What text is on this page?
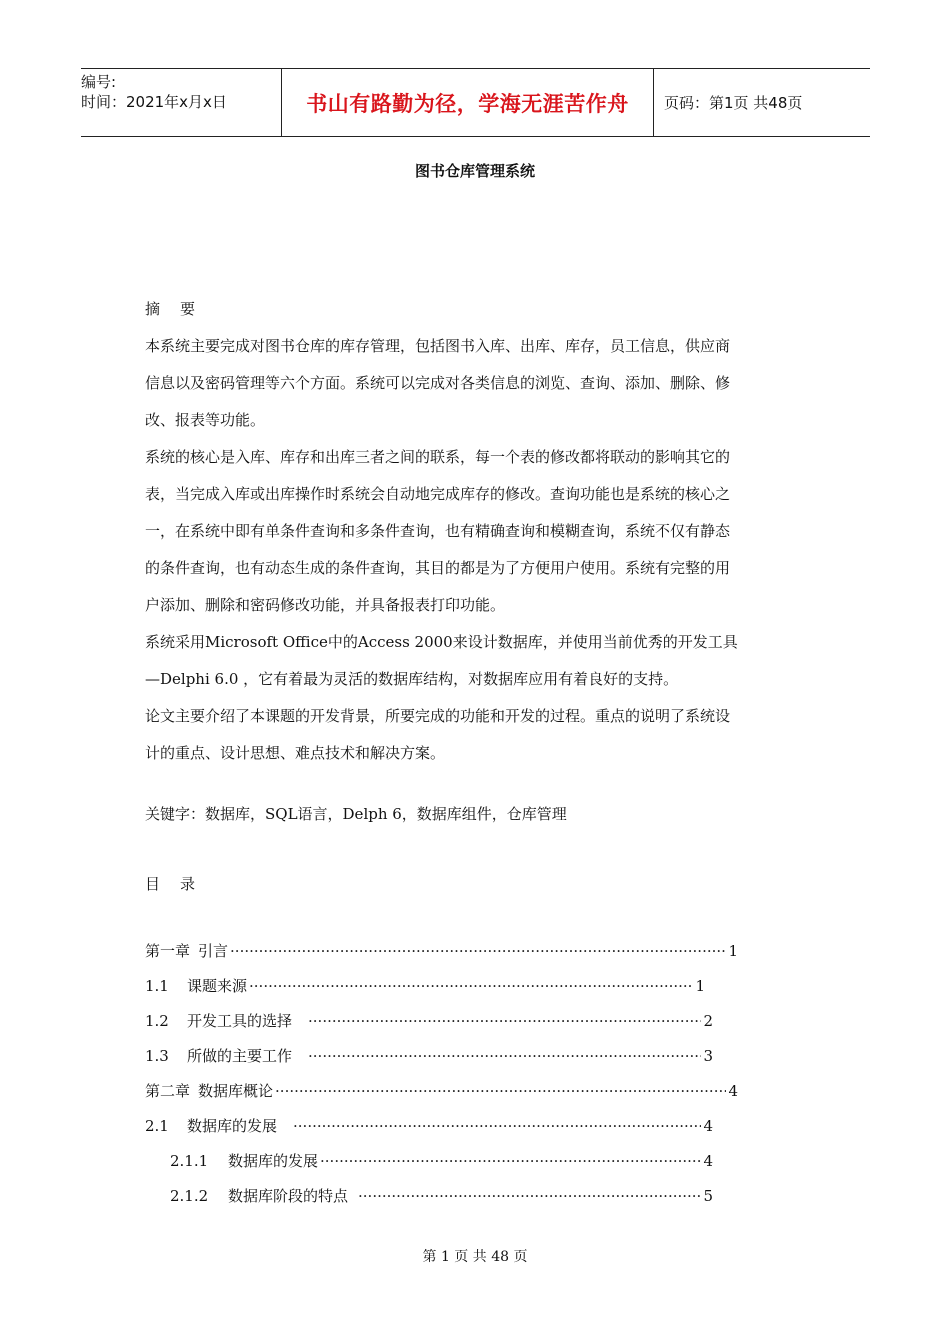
编号:
时间：2021年x月x日	书山有路勤为径，学海无涯苦作舟 页码：第1页 共48页
图书仓库管理系统
摘 要
本系统主要完成对图书仓库的库存管理，包括图书入库、出库、库存，员工信息，供应商
信息以及密码管理等六个方面。系统可以完成对各类信息的浏览、查询、添加、删除、修
改、报表等功能。
系统的核心是入库、库存和出库三者之间的联系，每一个表的修改都将联动的影响其它的
表，当完成入库或出库操作时系统会自动地完成库存的修改。查询功能也是系统的核心之
一，在系统中即有单条件查询和多条件查询，也有精确查询和模糊查询，系统不仅有静态
的条件查询，也有动态生成的条件查询，其目的都是为了方便用户使用。系统有完整的用
户添加、删除和密码修改功能，并具备报表打印功能。
系统采用Microsoft Office中的Access 2000来设计数据库，并使用当前优秀的开发工具
—Delphi 6.0 ，它有着最为灵活的数据库结构，对数据库应用有着良好的支持。
论文主要介绍了本课题的开发背景，所要完成的功能和开发的过程。重点的说明了系统设
计的重点、设计思想、难点技术和解决方案。
关键字：数据库，SQL语言，Delph 6，数据库组件，仓库管理
目 录
第一章 引言 ·····	1
1.1	课题来源 ·····	1
1.2	开发工具的选择 ·····	2
1.3	所做的主要工作 ·····	3
第二章 数据库概论 ·····	4
2.1	数据库的发展 ·····	4
2.1.1	数据库的发展 ·····	4
2.1.2	数据库阶段的特点 ·····	5
第 1 页 共 48 页
